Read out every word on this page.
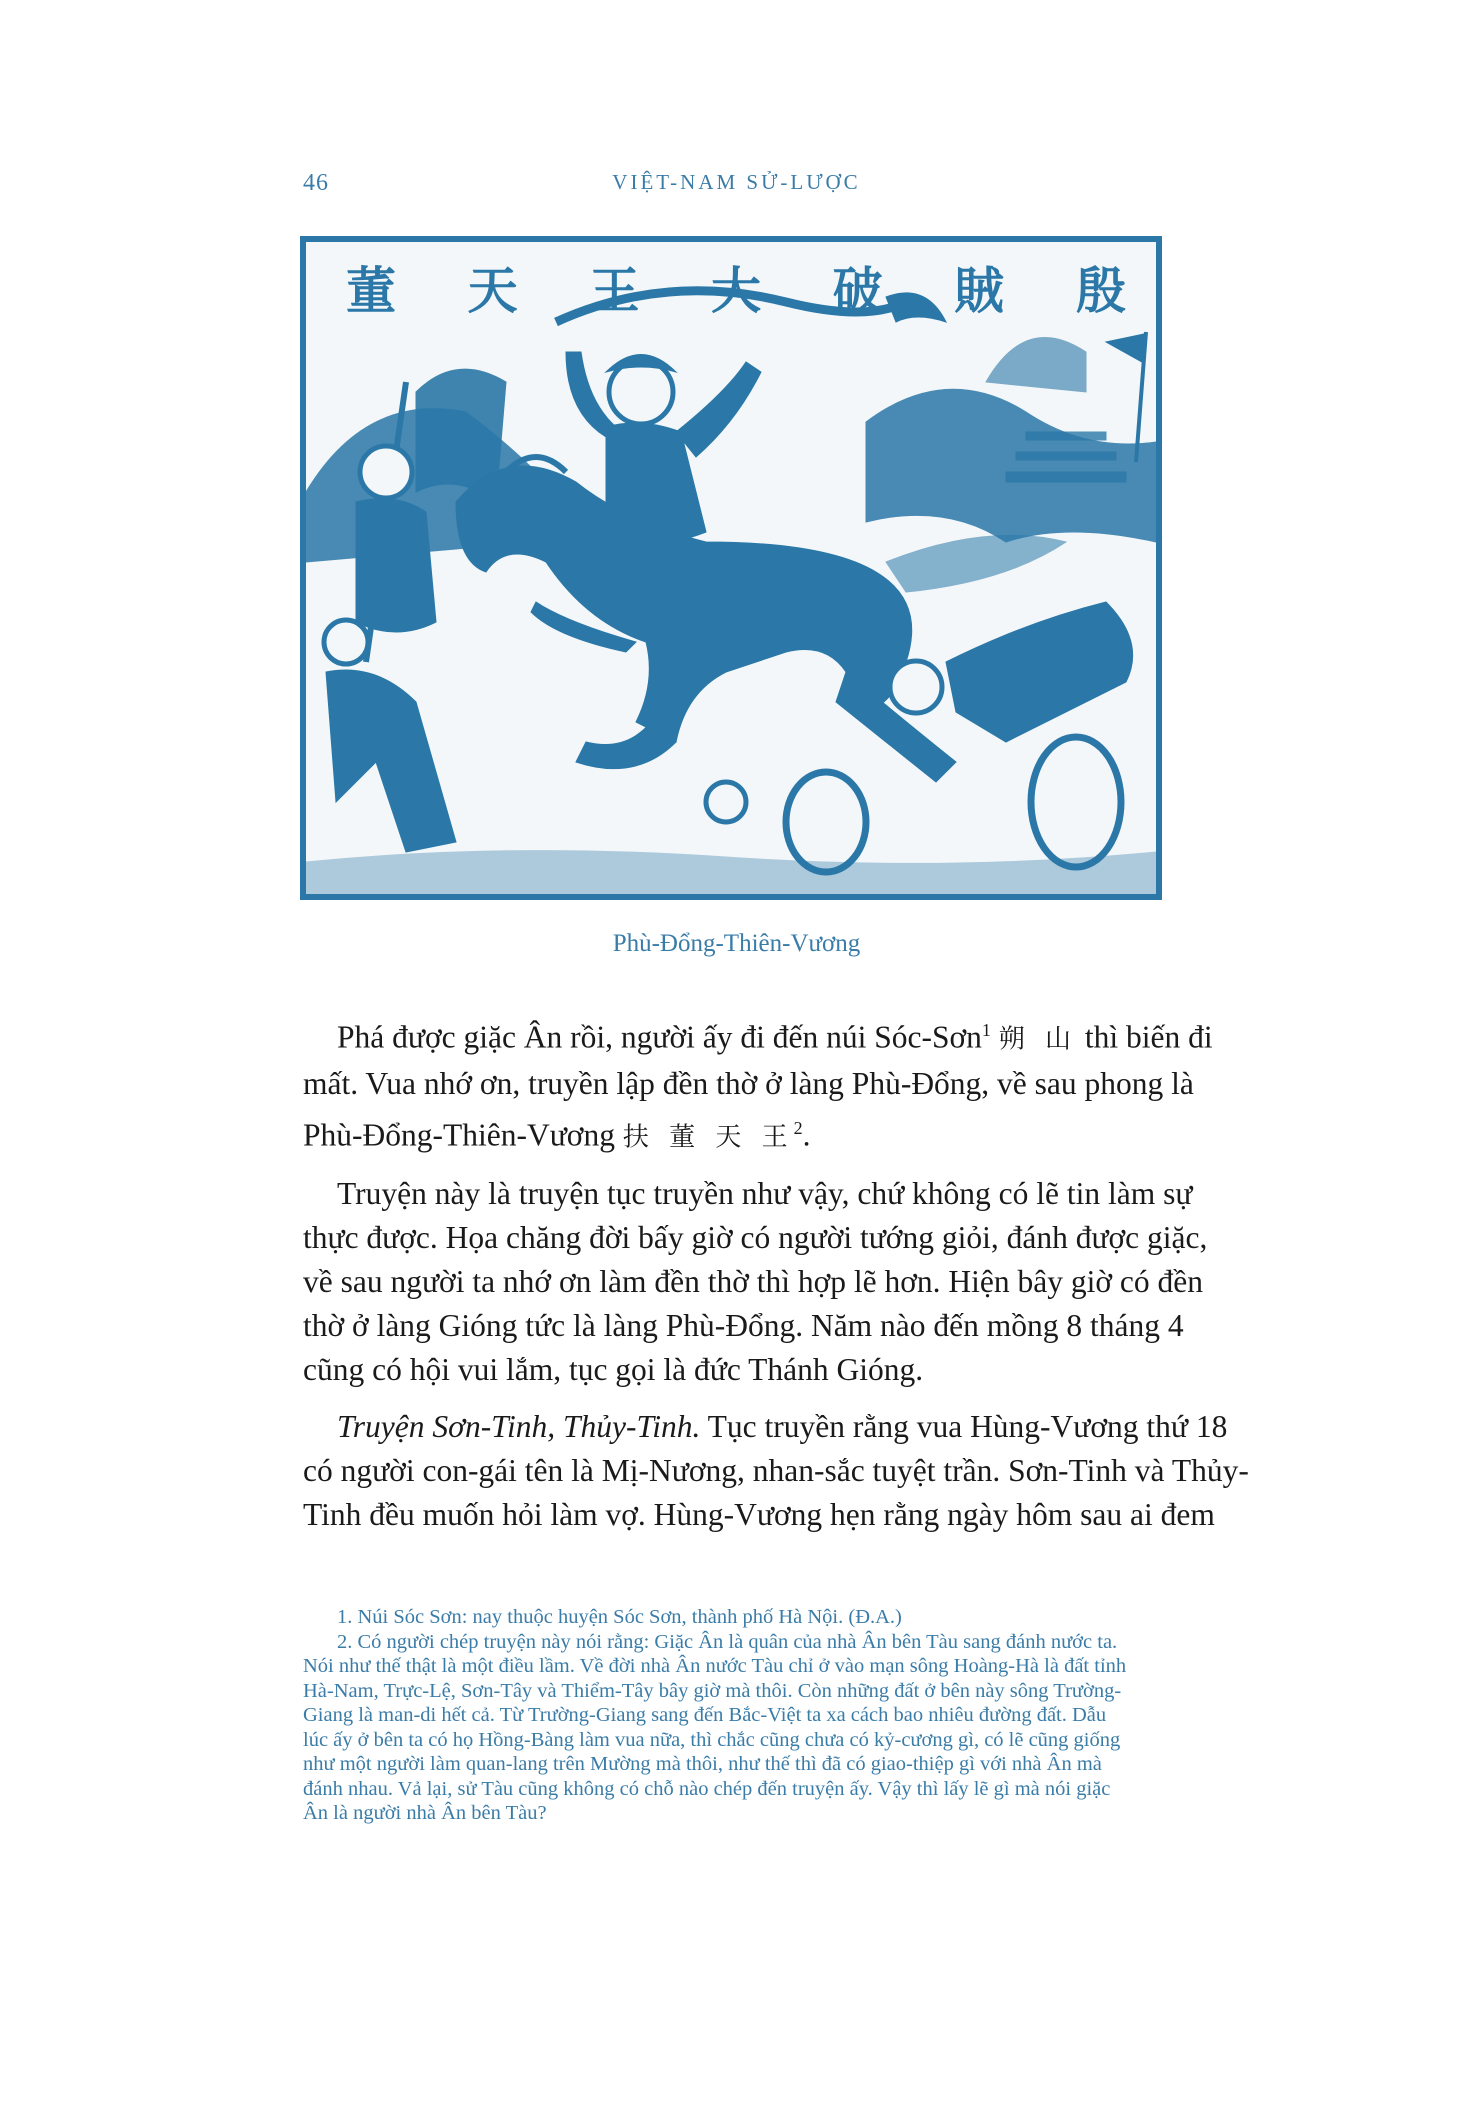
46	VIỆT-NAM SỬ-LƯỢC
董 天 王 大 破 賊 殷
Phù-Đổng-Thiên-Vương

Phá được giặc Ân rồi, người ấy đi đến núi Sóc-Sơn$^1$ 朔 山 thì biến đi
mất. Vua nhớ ơn, truyền lập đền thờ ở làng Phù-Đổng, về sau phong là
Phù-Đổng-Thiên-Vương 扶 董 天 王$^2$.

Truyện này là truyện tục truyền như vậy, chứ không có lẽ tin làm sự
thực được. Họa chăng đời bấy giờ có người tướng giỏi, đánh được giặc,
về sau người ta nhớ ơn làm đền thờ thì hợp lẽ hơn. Hiện bây giờ có đền
thờ ở làng Gióng tức là làng Phù-Đổng. Năm nào đến mồng 8 tháng 4
cũng có hội vui lắm, tục gọi là đức Thánh Gióng.

Truyện Sơn-Tinh, Thủy-Tinh. Tục truyền rằng vua Hùng-Vương thứ 18
có người con-gái tên là Mị-Nương, nhan-sắc tuyệt trần. Sơn-Tinh và Thủy-
Tinh đều muốn hỏi làm vợ. Hùng-Vương hẹn rằng ngày hôm sau ai đem

1. Núi Sóc Sơn: nay thuộc huyện Sóc Sơn, thành phố Hà Nội. (Đ.A.)
2. Có người chép truyện này nói rằng: Giặc Ân là quân của nhà Ân bên Tàu sang đánh nước ta.
Nói như thế thật là một điều lầm. Về đời nhà Ân nước Tàu chỉ ở vào mạn sông Hoàng-Hà là đất tỉnh
Hà-Nam, Trực-Lệ, Sơn-Tây và Thiểm-Tây bây giờ mà thôi. Còn những đất ở bên này sông Trường-
Giang là man-di hết cả. Từ Trường-Giang sang đến Bắc-Việt ta xa cách bao nhiêu đường đất. Dẫu
lúc ấy ở bên ta có họ Hồng-Bàng làm vua nữa, thì chắc cũng chưa có kỷ-cương gì, có lẽ cũng giống
như một người làm quan-lang trên Mường mà thôi, như thế thì đã có giao-thiệp gì với nhà Ân mà
đánh nhau. Vả lại, sử Tàu cũng không có chỗ nào chép đến truyện ấy. Vậy thì lấy lẽ gì mà nói giặc
Ân là người nhà Ân bên Tàu?
